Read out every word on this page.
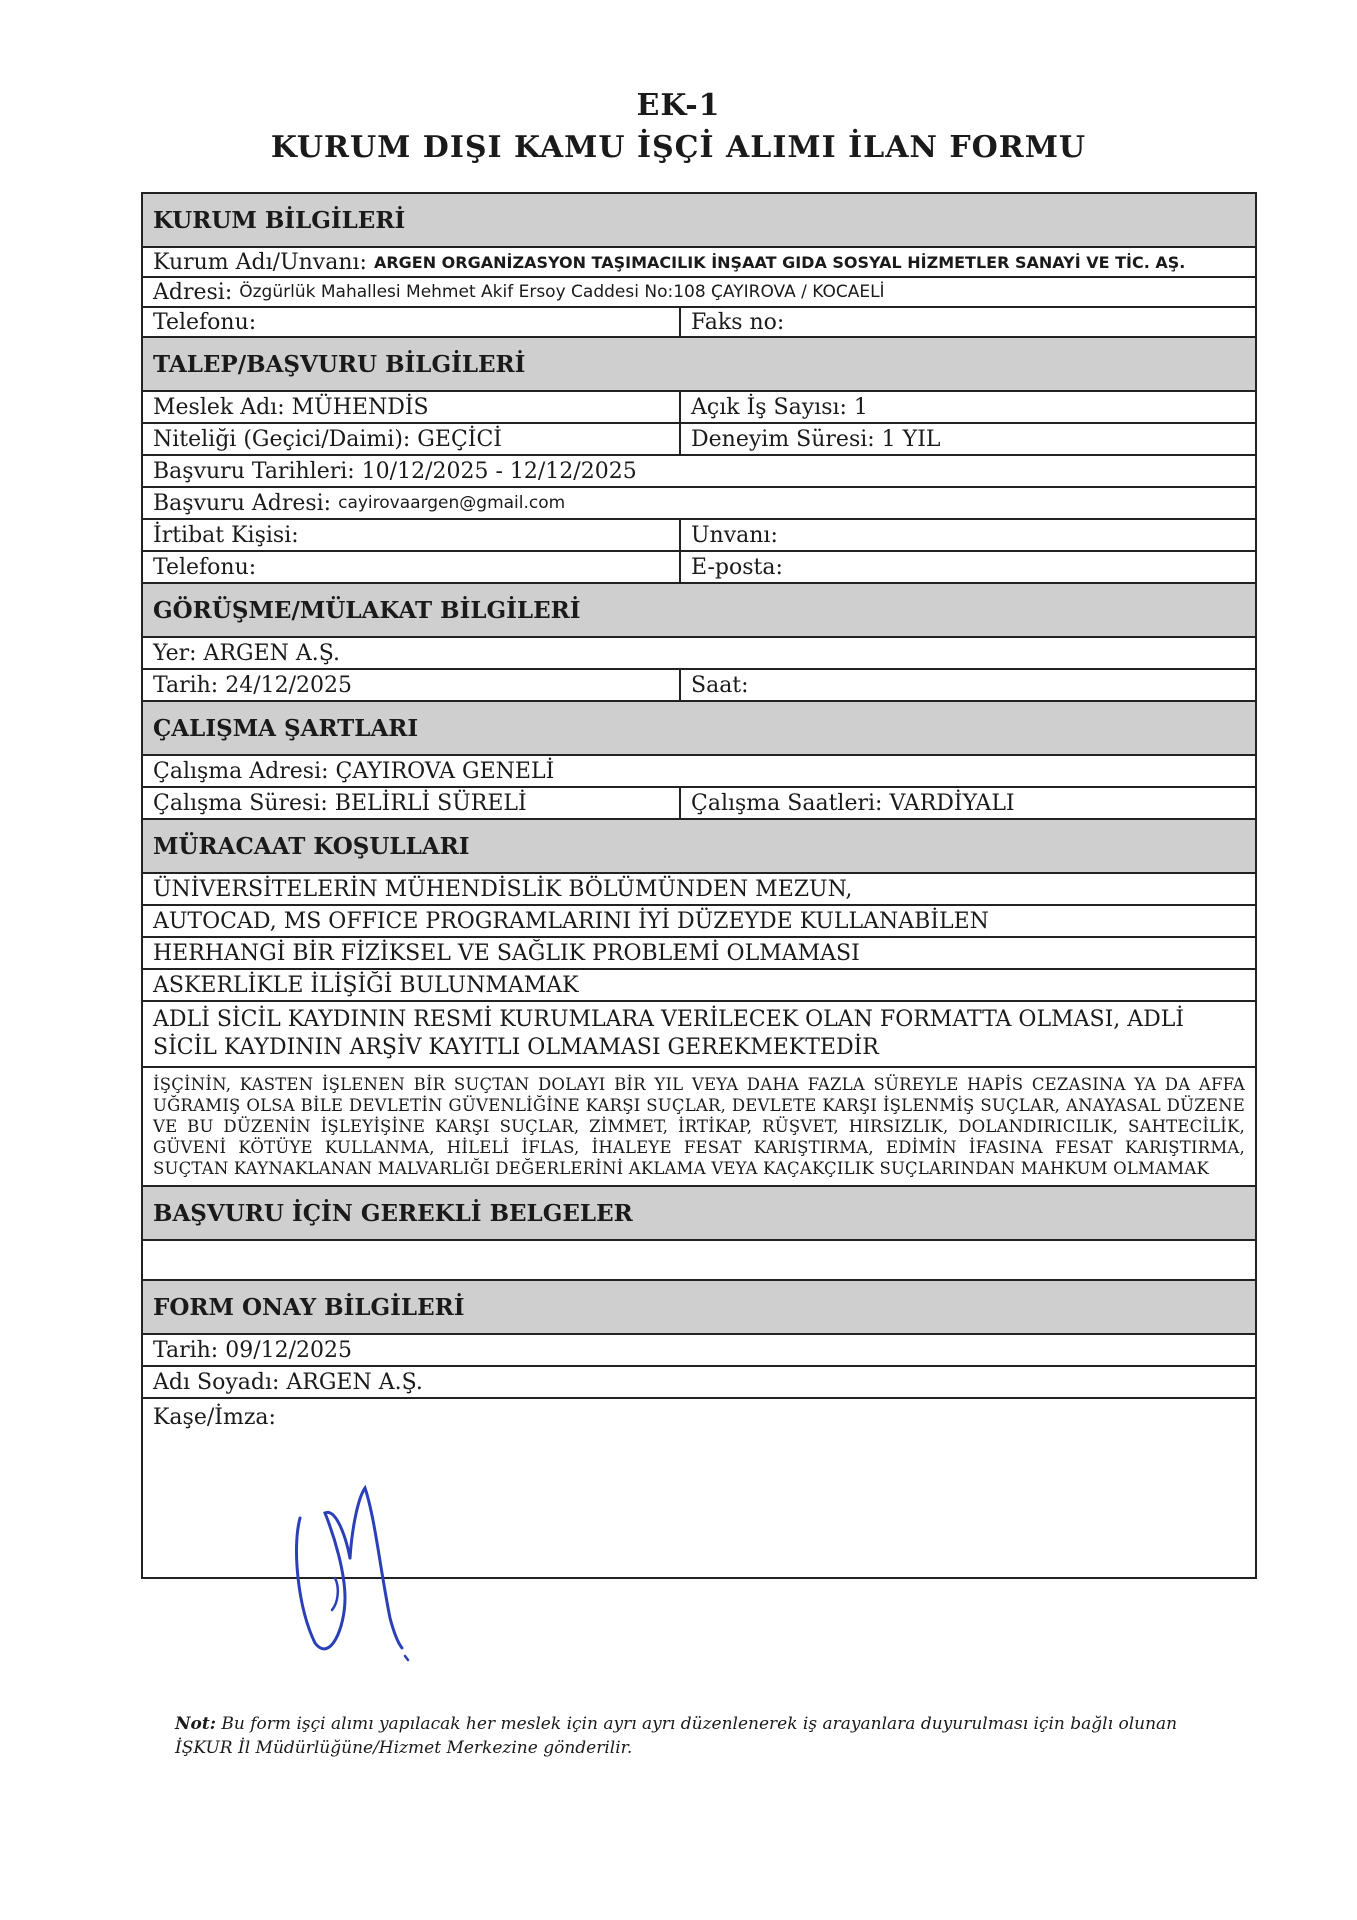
EK-1
KURUM DIŞI KAMU İŞÇİ ALIMI İLAN FORMU
KURUM BİLGİLERİ
Kurum Adı/Unvanı:
ARGEN ORGANİZASYON TAŞIMACILIK İNŞAAT GIDA SOSYAL HİZMETLER SANAYİ VE TİC. AŞ.
Adresi:
Özgürlük Mahallesi Mehmet Akif Ersoy Caddesi No:108 ÇAYIROVA / KOCAELİ
Telefonu:	Faks no:
TALEP/BAŞVURU BİLGİLERİ
Meslek Adı: MÜHENDİS	Açık İş Sayısı: 1
Niteliği (Geçici/Daimi): GEÇİCİ	Deneyim Süresi: 1 YIL
Başvuru Tarihleri: 10/12/2025 - 12/12/2025
Başvuru Adresi:
cayirovaargen@gmail.com
İrtibat Kişisi:	Unvanı:
Telefonu:	E-posta:
GÖRÜŞME/MÜLAKAT BİLGİLERİ
Yer: ARGEN A.Ş.
Tarih: 24/12/2025	Saat:
ÇALIŞMA ŞARTLARI
Çalışma Adresi: ÇAYIROVA GENELİ
Çalışma Süresi: BELİRLİ SÜRELİ	Çalışma Saatleri: VARDİYALI
MÜRACAAT KOŞULLARI
ÜNİVERSİTELERİN MÜHENDİSLİK BÖLÜMÜNDEN MEZUN,
AUTOCAD, MS OFFICE PROGRAMLARINI İYİ DÜZEYDE KULLANABİLEN
HERHANGİ BİR FİZİKSEL VE SAĞLIK PROBLEMİ OLMAMASI
ASKERLİKLE İLİŞİĞİ BULUNMAMAK
ADLİ SİCİL KAYDININ RESMİ KURUMLARA VERİLECEK OLAN FORMATTA OLMASI, ADLİ SİCİL KAYDININ ARŞİV KAYITLI OLMAMASI GEREKMEKTEDİR
İŞÇİNİN, KASTEN İŞLENEN BİR SUÇTAN DOLAYI BİR YIL VEYA DAHA FAZLA SÜREYLE HAPİS CEZASINA YA DA AFFA UĞRAMIŞ OLSA BİLE DEVLETİN GÜVENLİĞİNE KARŞI SUÇLAR, DEVLETE KARŞI İŞLENMİŞ SUÇLAR, ANAYASAL DÜZENE VE BU DÜZENİN İŞLEYİŞİNE KARŞI SUÇLAR, ZİMMET, İRTİKAP, RÜŞVET, HIRSIZLIK, DOLANDIRICILIK, SAHTECİLİK, GÜVENİ KÖTÜYE KULLANMA, HİLELİ İFLAS, İHALEYE FESAT KARIŞTIRMA, EDİMİN İFASINA FESAT KARIŞTIRMA, SUÇTAN KAYNAKLANAN MALVARLIĞI DEĞERLERİNİ AKLAMA VEYA KAÇAKÇILIK SUÇLARINDAN MAHKUM OLMAMAK
BAŞVURU İÇİN GEREKLİ BELGELER
FORM ONAY BİLGİLERİ
Tarih: 09/12/2025
Adı Soyadı: ARGEN A.Ş.
Kaşe/İmza:
Not: Bu form işçi alımı yapılacak her meslek için ayrı ayrı düzenlenerek iş arayanlara duyurulması için bağlı olunan İŞKUR İl Müdürlüğüne/Hizmet Merkezine gönderilir.
